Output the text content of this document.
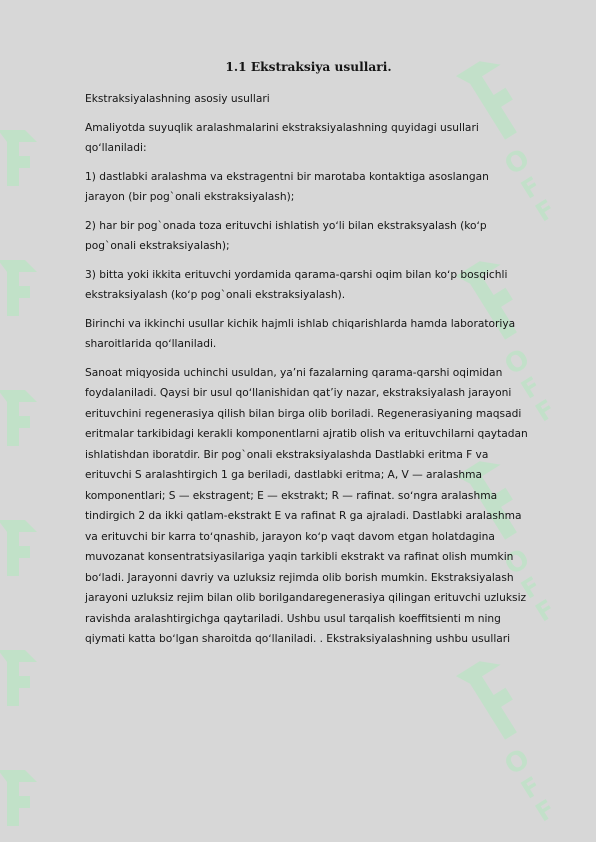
O
F
F
O
F
F
O
F
F
O
F
F
1.1 Ekstraksiya usullari.

Ekstraksiyalashning asosiy usullari

Amaliyotda suyuqlik aralashmalarini ekstraksiyalashning quyidagi usullari qoʻllaniladi:

1) dastlabki aralashma va ekstragentni bir marotaba kontaktiga asoslangan jarayon (bir pog`onali ekstraksiyalash);

2) har bir pog`onada toza erituvchi ishlatish yoʻli bilan ekstraksyalash (koʻp pog`onali ekstraksiyalash);

3) bitta yoki ikkita erituvchi yordamida qarama-qarshi oqim bilan koʻp bosqichli ekstraksiyalash (koʻp pog`onali ekstraksiyalash).

Birinchi va ikkinchi usullar kichik hajmli ishlab chiqarishlarda hamda laboratoriya sharoitlarida qoʻllaniladi.

Sanoat miqyosida uchinchi usuldan, yaʼni fazalarning qarama-qarshi oqimidan foydalaniladi. Qaysi bir usul qoʻllanishidan qatʼiy nazar, ekstraksiyalash jarayoni erituvchini regenerasiya qilish bilan birga olib boriladi. Regenerasiyaning maqsadi eritmalar tarkibidagi kerakli komponentlarni ajratib olish va erituvchilarni qaytadan ishlatishdan iboratdir. Bir pog`onali ekstraksiyalashda Dastlabki eritma F va erituvchi S aralashtirgich 1 ga beriladi, dastlabki eritma; A, V — aralashma komponentlari; S — ekstragent; E — ekstrakt; R — rafinat. soʻngra aralashma tindirgich 2 da ikki qatlam-ekstrakt E va rafinat R ga ajraladi. Dastlabki aralashma va erituvchi bir karra toʻqnashib, jarayon koʻp vaqt davom etgan holatdagina muvozanat konsentratsiyasilariga yaqin tarkibli ekstrakt va rafinat olish mumkin boʻladi. Jarayonni davriy va uzluksiz rejimda olib borish mumkin. Ekstraksiyalash jarayoni uzluksiz rejim bilan olib borilgandaregenerasiya qilingan erituvchi uzluksiz ravishda aralashtirgichga qaytariladi. Ushbu usul tarqalish koeffitsienti m ning qiymati katta boʻlgan sharoitda qoʻllaniladi. . Ekstraksiyalashning ushbu usullari
